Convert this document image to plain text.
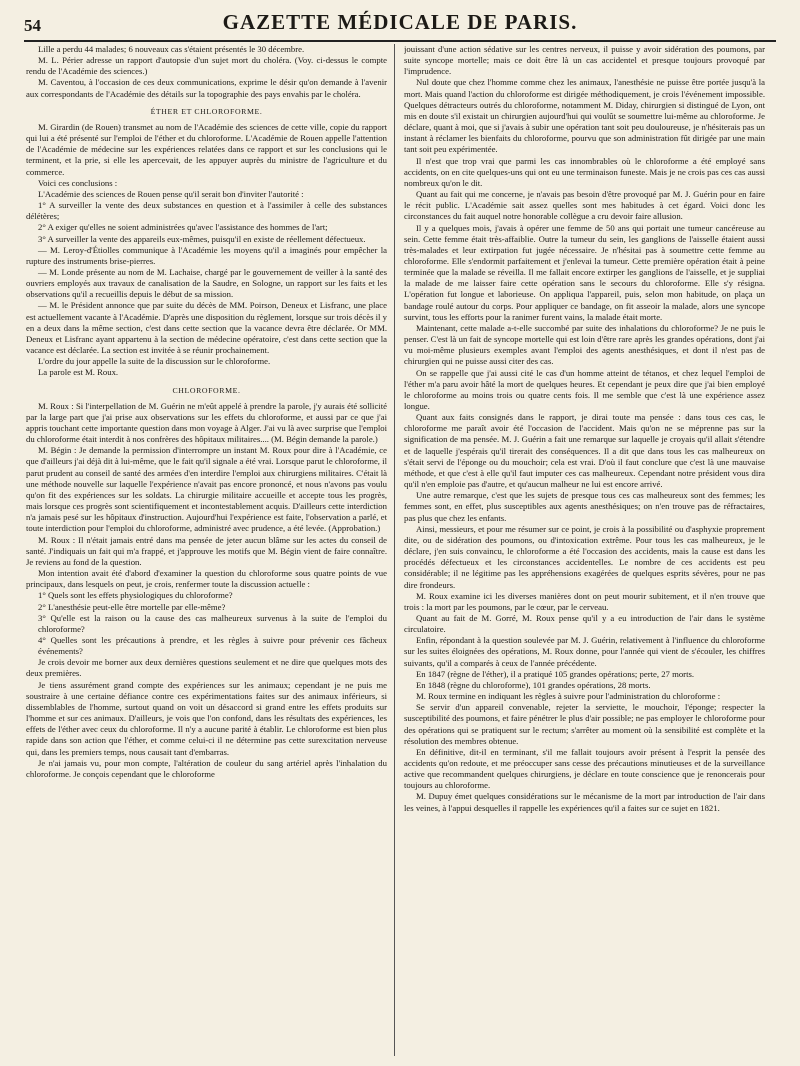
54	GAZETTE MÉDICALE DE PARIS.

Lille a perdu 44 malades; 6 nouveaux cas s'étaient présentés le 30 décembre.

M. L. Périer adresse un rapport d'autopsie d'un sujet mort du choléra. (Voy. ci-dessus le compte rendu de l'Académie des sciences.)

M. Caventou, à l'occasion de ces deux communications, exprime le désir qu'on demande à l'avenir aux correspondants de l'Académie des détails sur la topographie des pays envahis par le choléra.

ÉTHER ET CHLOROFORME.

M. Girardin (de Rouen) transmet au nom de l'Académie des sciences de cette ville, copie du rapport qui lui a été présenté sur l'emploi de l'éther et du chloroforme. L'Académie de Rouen appelle l'attention de l'Académie de médecine sur les expériences relatées dans ce rapport et sur les conclusions qui le terminent, et la prie, si elle les apercevait, de les appuyer auprès du ministre de l'agriculture et du commerce.

Voici ces conclusions :

L'Académie des sciences de Rouen pense qu'il serait bon d'inviter l'autorité :

1° A surveiller la vente des deux substances en question et à l'assimiler à celle des substances délétères;

2° A exiger qu'elles ne soient administrées qu'avec l'assistance des hommes de l'art;

3° A surveiller la vente des appareils eux-mêmes, puisqu'il en existe de réellement défectueux.

— M. Leroy-d'Étiolles communique à l'Académie les moyens qu'il a imaginés pour empêcher la rupture des instruments brise-pierres.

— M. Londe présente au nom de M. Lachaise, chargé par le gouvernement de veiller à la santé des ouvriers employés aux travaux de canalisation de la Saudre, en Sologne, un rapport sur les faits et les observations qu'il a recueillis depuis le début de sa mission.

— M. le Président annonce que par suite du décès de MM. Poirson, Deneux et Lisfranc, une place est actuellement vacante à l'Académie. D'après une disposition du règlement, lorsque sur trois décès il y en a deux dans la même section, c'est dans cette section que la vacance devra être déclarée. Or MM. Deneux et Lisfranc ayant appartenu à la section de médecine opératoire, c'est dans cette section que la vacance est déclarée. La section est invitée à se réunir prochainement.

L'ordre du jour appelle la suite de la discussion sur le chloroforme.

La parole est M. Roux.

CHLOROFORME.

M. Roux : Si l'interpellation de M. Guérin ne m'eût appelé à prendre la parole, j'y aurais été sollicité par la large part que j'ai prise aux observations sur les effets du chloroforme, et aussi par ce que j'ai appris touchant cette importante question dans mon voyage à Alger. J'ai vu là avec surprise que l'emploi du chloroforme était interdit à nos confrères des hôpitaux militaires.... (M. Bégin demande la parole.)

M. Bégin : Je demande la permission d'interrompre un instant M. Roux pour dire à l'Académie, ce que d'ailleurs j'ai déjà dit à lui-même, que le fait qu'il signale a été vrai. Lorsque parut le chloroforme, il parut prudent au conseil de santé des armées d'en interdire l'emploi aux chirurgiens militaires. C'était là une méthode nouvelle sur laquelle l'expérience n'avait pas encore prononcé, et nous n'avons pas voulu qu'on fit des expériences sur les soldats. La chirurgie militaire accueille et accepte tous les progrès, mais lorsque ces progrès sont scientifiquement et incontestablement acquis. D'ailleurs cette interdiction n'a jamais pesé sur les hôpitaux d'instruction. Aujourd'hui l'expérience est faite, l'observation a parlé, et toute interdiction pour l'emploi du chloroforme, administré avec prudence, a été levée. (Approbation.)

M. Roux : Il n'était jamais entré dans ma pensée de jeter aucun blâme sur les actes du conseil de santé. J'indiquais un fait qui m'a frappé, et j'approuve les motifs que M. Bégin vient de faire connaître. Je reviens au fond de la question.

Mon intention avait été d'abord d'examiner la question du chloroforme sous quatre points de vue principaux, dans lesquels on peut, je crois, renfermer toute la discussion actuelle :

1° Quels sont les effets physiologiques du chloroforme?

2° L'anesthésie peut-elle être mortelle par elle-même?

3° Qu'elle est la raison ou la cause des cas malheureux survenus à la suite de l'emploi du chloroforme?

4° Quelles sont les précautions à prendre, et les règles à suivre pour prévenir ces fâcheux événements?

Je crois devoir me borner aux deux dernières questions seulement et ne dire que quelques mots des deux premières.

Je tiens assurément grand compte des expériences sur les animaux; cependant je ne puis me soustraire à une certaine défiance contre ces expérimentations faites sur des animaux inférieurs, si dissemblables de l'homme, surtout quand on voit un désaccord si grand entre les effets produits sur l'homme et sur ces animaux. D'ailleurs, je vois que l'on confond, dans les résultats des expériences, les effets de l'éther avec ceux du chloroforme. Il n'y a aucune parité à établir. Le chloroforme est bien plus rapide dans son action que l'éther, et comme celui-ci il ne détermine pas cette surexcitation nerveuse qui, dans les premiers temps, nous causait tant d'embarras.

Je n'ai jamais vu, pour mon compte, l'altération de couleur du sang artériel après l'inhalation du chloroforme. Je conçois cependant que le chloroforme

jouissant d'une action sédative sur les centres nerveux, il puisse y avoir sidération des poumons, par suite syncope mortelle; mais ce doit être là un cas accidentel et presque toujours provoqué par l'imprudence.

Nul doute que chez l'homme comme chez les animaux, l'anesthésie ne puisse être portée jusqu'à la mort. Mais quand l'action du chloroforme est dirigée méthodiquement, je crois l'événement impossible. Quelques détracteurs outrés du chloroforme, notamment M. Diday, chirurgien si distingué de Lyon, ont mis en doute s'il existait un chirurgien aujourd'hui qui voulût se soumettre lui-même au chloroforme. Je déclare, quant à moi, que si j'avais à subir une opération tant soit peu douloureuse, je n'hésiterais pas un instant à réclamer les bienfaits du chloroforme, pourvu que son administration fût dirigée par une main tant soit peu expérimentée.

Il n'est que trop vrai que parmi les cas innombrables où le chloroforme a été employé sans accidents, on en cite quelques-uns qui ont eu une terminaison funeste. Mais je ne crois pas ces cas aussi nombreux qu'on le dit.

Quant au fait qui me concerne, je n'avais pas besoin d'être provoqué par M. J. Guérin pour en faire le récit public. L'Académie sait assez quelles sont mes habitudes à cet égard. Voici donc les circonstances du fait auquel notre honorable collègue a cru devoir faire allusion.

Il y a quelques mois, j'avais à opérer une femme de 50 ans qui portait une tumeur cancéreuse au sein. Cette femme était très-affaiblie. Outre la tumeur du sein, les ganglions de l'aisselle étaient aussi très-malades et leur extirpation fut jugée nécessaire. Je n'hésitai pas à soumettre cette femme au chloroforme. Elle s'endormit parfaitement et j'enlevai la tumeur. Cette première opération était à peine terminée que la malade se réveilla. Il me fallait encore extirper les ganglions de l'aisselle, et je suppliai la malade de me laisser faire cette opération sans le secours du chloroforme. Elle s'y résigna. L'opération fut longue et laborieuse. On appliqua l'appareil, puis, selon mon habitude, on plaça un bandage roulé autour du corps. Pour appliquer ce bandage, on fit asseoir la malade, alors une syncope survint, tous les efforts pour la ranimer furent vains, la malade était morte.

Maintenant, cette malade a-t-elle succombé par suite des inhalations du chloroforme? Je ne puis le penser. C'est là un fait de syncope mortelle qui est loin d'être rare après les grandes opérations, dont j'ai vu moi-même plusieurs exemples avant l'emploi des agents anesthésiques, et dont il n'est pas de chirurgien qui ne puisse aussi citer des cas.

On se rappelle que j'ai aussi cité le cas d'un homme atteint de tétanos, et chez lequel l'emploi de l'éther m'a paru avoir hâté la mort de quelques heures. Et cependant je peux dire que j'ai bien employé le chloroforme au moins trois ou quatre cents fois. Il me semble que c'est là une expérience assez longue.

Quant aux faits consignés dans le rapport, je dirai toute ma pensée : dans tous ces cas, le chloroforme me paraît avoir été l'occasion de l'accident. Mais qu'on ne se méprenne pas sur la signification de ma pensée. M. J. Guérin a fait une remarque sur laquelle je croyais qu'il allait s'étendre et de laquelle j'espérais qu'il tirerait des conséquences. Il a dit que dans tous les cas malheureux on s'était servi de l'éponge ou du mouchoir; cela est vrai. D'où il faut conclure que c'est là une mauvaise méthode, et que c'est à elle qu'il faut imputer ces cas malheureux. Cependant notre président vous dira qu'il n'en emploie pas d'autre, et qu'aucun malheur ne lui est encore arrivé.

Une autre remarque, c'est que les sujets de presque tous ces cas malheureux sont des femmes; les femmes sont, en effet, plus susceptibles aux agents anesthésiques; on n'en trouve pas de réfractaires, pas plus que chez les enfants.

Ainsi, messieurs, et pour me résumer sur ce point, je crois à la possibilité ou d'asphyxie proprement dite, ou de sidération des poumons, ou d'intoxication extrême. Pour tous les cas malheureux, je le déclare, j'en suis convaincu, le chloroforme a été l'occasion des accidents, mais la cause est dans les procédés défectueux et les circonstances accidentelles. Le nombre de ces accidents est peu considérable; il ne légitime pas les appréhensions exagérées de quelques esprits sévères, pour ne pas dire frondeurs.

M. Roux examine ici les diverses manières dont on peut mourir subitement, et il n'en trouve que trois : la mort par les poumons, par le cœur, par le cerveau.

Quant au fait de M. Gorré, M. Roux pense qu'il y a eu introduction de l'air dans le système circulatoire.

Enfin, répondant à la question soulevée par M. J. Guérin, relativement à l'influence du chloroforme sur les suites éloignées des opérations, M. Roux donne, pour l'année qui vient de s'écouler, les chiffres suivants, qu'il a comparés à ceux de l'année précédente.

En 1847 (règne de l'éther), il a pratiqué 105 grandes opérations; perte, 27 morts.

En 1848 (règne du chloroforme), 101 grandes opérations, 28 morts.

M. Roux termine en indiquant les règles à suivre pour l'administration du chloroforme :

Se servir d'un appareil convenable, rejeter la serviette, le mouchoir, l'éponge; respecter la susceptibilité des poumons, et faire pénétrer le plus d'air possible; ne pas employer le chloroforme pour des opérations qui se pratiquent sur le rectum; s'arrêter au moment où la sensibilité est complète et la résolution des membres obtenue.

En définitive, dit-il en terminant, s'il me fallait toujours avoir présent à l'esprit la pensée des accidents qu'on redoute, et me préoccuper sans cesse des précautions minutieuses et de la surveillance active que recommandent quelques chirurgiens, je déclare en toute conscience que je renoncerais pour toujours au chloroforme.

M. Dupuy émet quelques considérations sur le mécanisme de la mort par introduction de l'air dans les veines, à l'appui desquelles il rappelle les expériences qu'il a faites sur ce sujet en 1821.
